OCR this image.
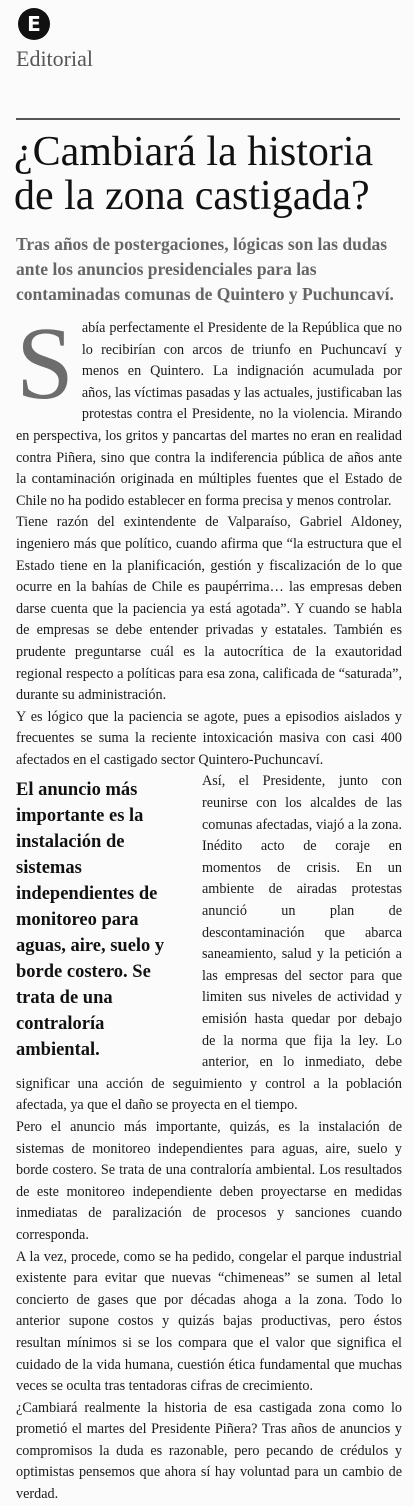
E
Editorial
¿Cambiará la historia de la zona castigada?

Tras años de postergaciones, lógicas son las dudas ante los anuncios presidenciales para las contaminadas comunas de Quintero y Puchuncaví.

Sabía perfectamente el Presidente de la República que no lo recibirían con arcos de triunfo en Puchuncaví y menos en Quintero. La indignación acumulada por años, las víctimas pasadas y las actuales, justificaban las protestas contra el Presidente, no la violencia. Mirando en perspectiva, los gritos y pancartas del martes no eran en realidad contra Piñera, sino que contra la indiferencia pública de años ante la contaminación originada en múltiples fuentes que el Estado de Chile no ha podido establecer en forma precisa y menos controlar.

Tiene razón del exintendente de Valparaíso, Gabriel Aldoney, ingeniero más que político, cuando afirma que “la estructura que el Estado tiene en la planificación, gestión y fiscalización de lo que ocurre en la bahías de Chile es paupérrima… las empresas deben darse cuenta que la paciencia ya está agotada”. Y cuando se habla de empresas se debe entender privadas y estatales. También es prudente preguntarse cuál es la autocrítica de la exautoridad regional respecto a políticas para esa zona, calificada de “saturada”, durante su administración.

Y es lógico que la paciencia se agote, pues a episodios aislados y frecuentes se suma la reciente intoxicación masiva con casi 400 afectados en el castigado sector Quintero-Puchuncaví.

El anuncio más importante es la instalación de sistemas independientes de monitoreo para aguas, aire, suelo y borde costero. Se trata de una contraloría ambiental.
Así, el Presidente, junto con reunirse con los alcaldes de las comunas afectadas, viajó a la zona. Inédito acto de coraje en momentos de crisis. En un ambiente de airadas protestas anunció un plan de descontaminación que abarca saneamiento, salud y la petición a las empresas del sector para que limiten sus niveles de actividad y emisión hasta quedar por debajo de la norma que fija la ley. Lo anterior, en lo inmediato, debe significar una acción de seguimiento y control a la población afectada, ya que el daño se proyecta en el tiempo.

Pero el anuncio más importante, quizás, es la instalación de sistemas de monitoreo independientes para aguas, aire, suelo y borde costero. Se trata de una contraloría ambiental. Los resultados de este monitoreo independiente deben proyectarse en medidas inmediatas de paralización de procesos y sanciones cuando corresponda.

A la vez, procede, como se ha pedido, congelar el parque industrial existente para evitar que nuevas “chimeneas” se sumen al letal concierto de gases que por décadas ahoga a la zona. Todo lo anterior supone costos y quizás bajas productivas, pero éstos resultan mínimos si se los compara que el valor que significa el cuidado de la vida humana, cuestión ética fundamental que muchas veces se oculta tras tentadoras cifras de crecimiento.

¿Cambiará realmente la historia de esa castigada zona como lo prometió el martes del Presidente Piñera? Tras años de anuncios y compromisos la duda es razonable, pero pecando de crédulos y optimistas pensemos que ahora sí hay voluntad para un cambio de verdad.
